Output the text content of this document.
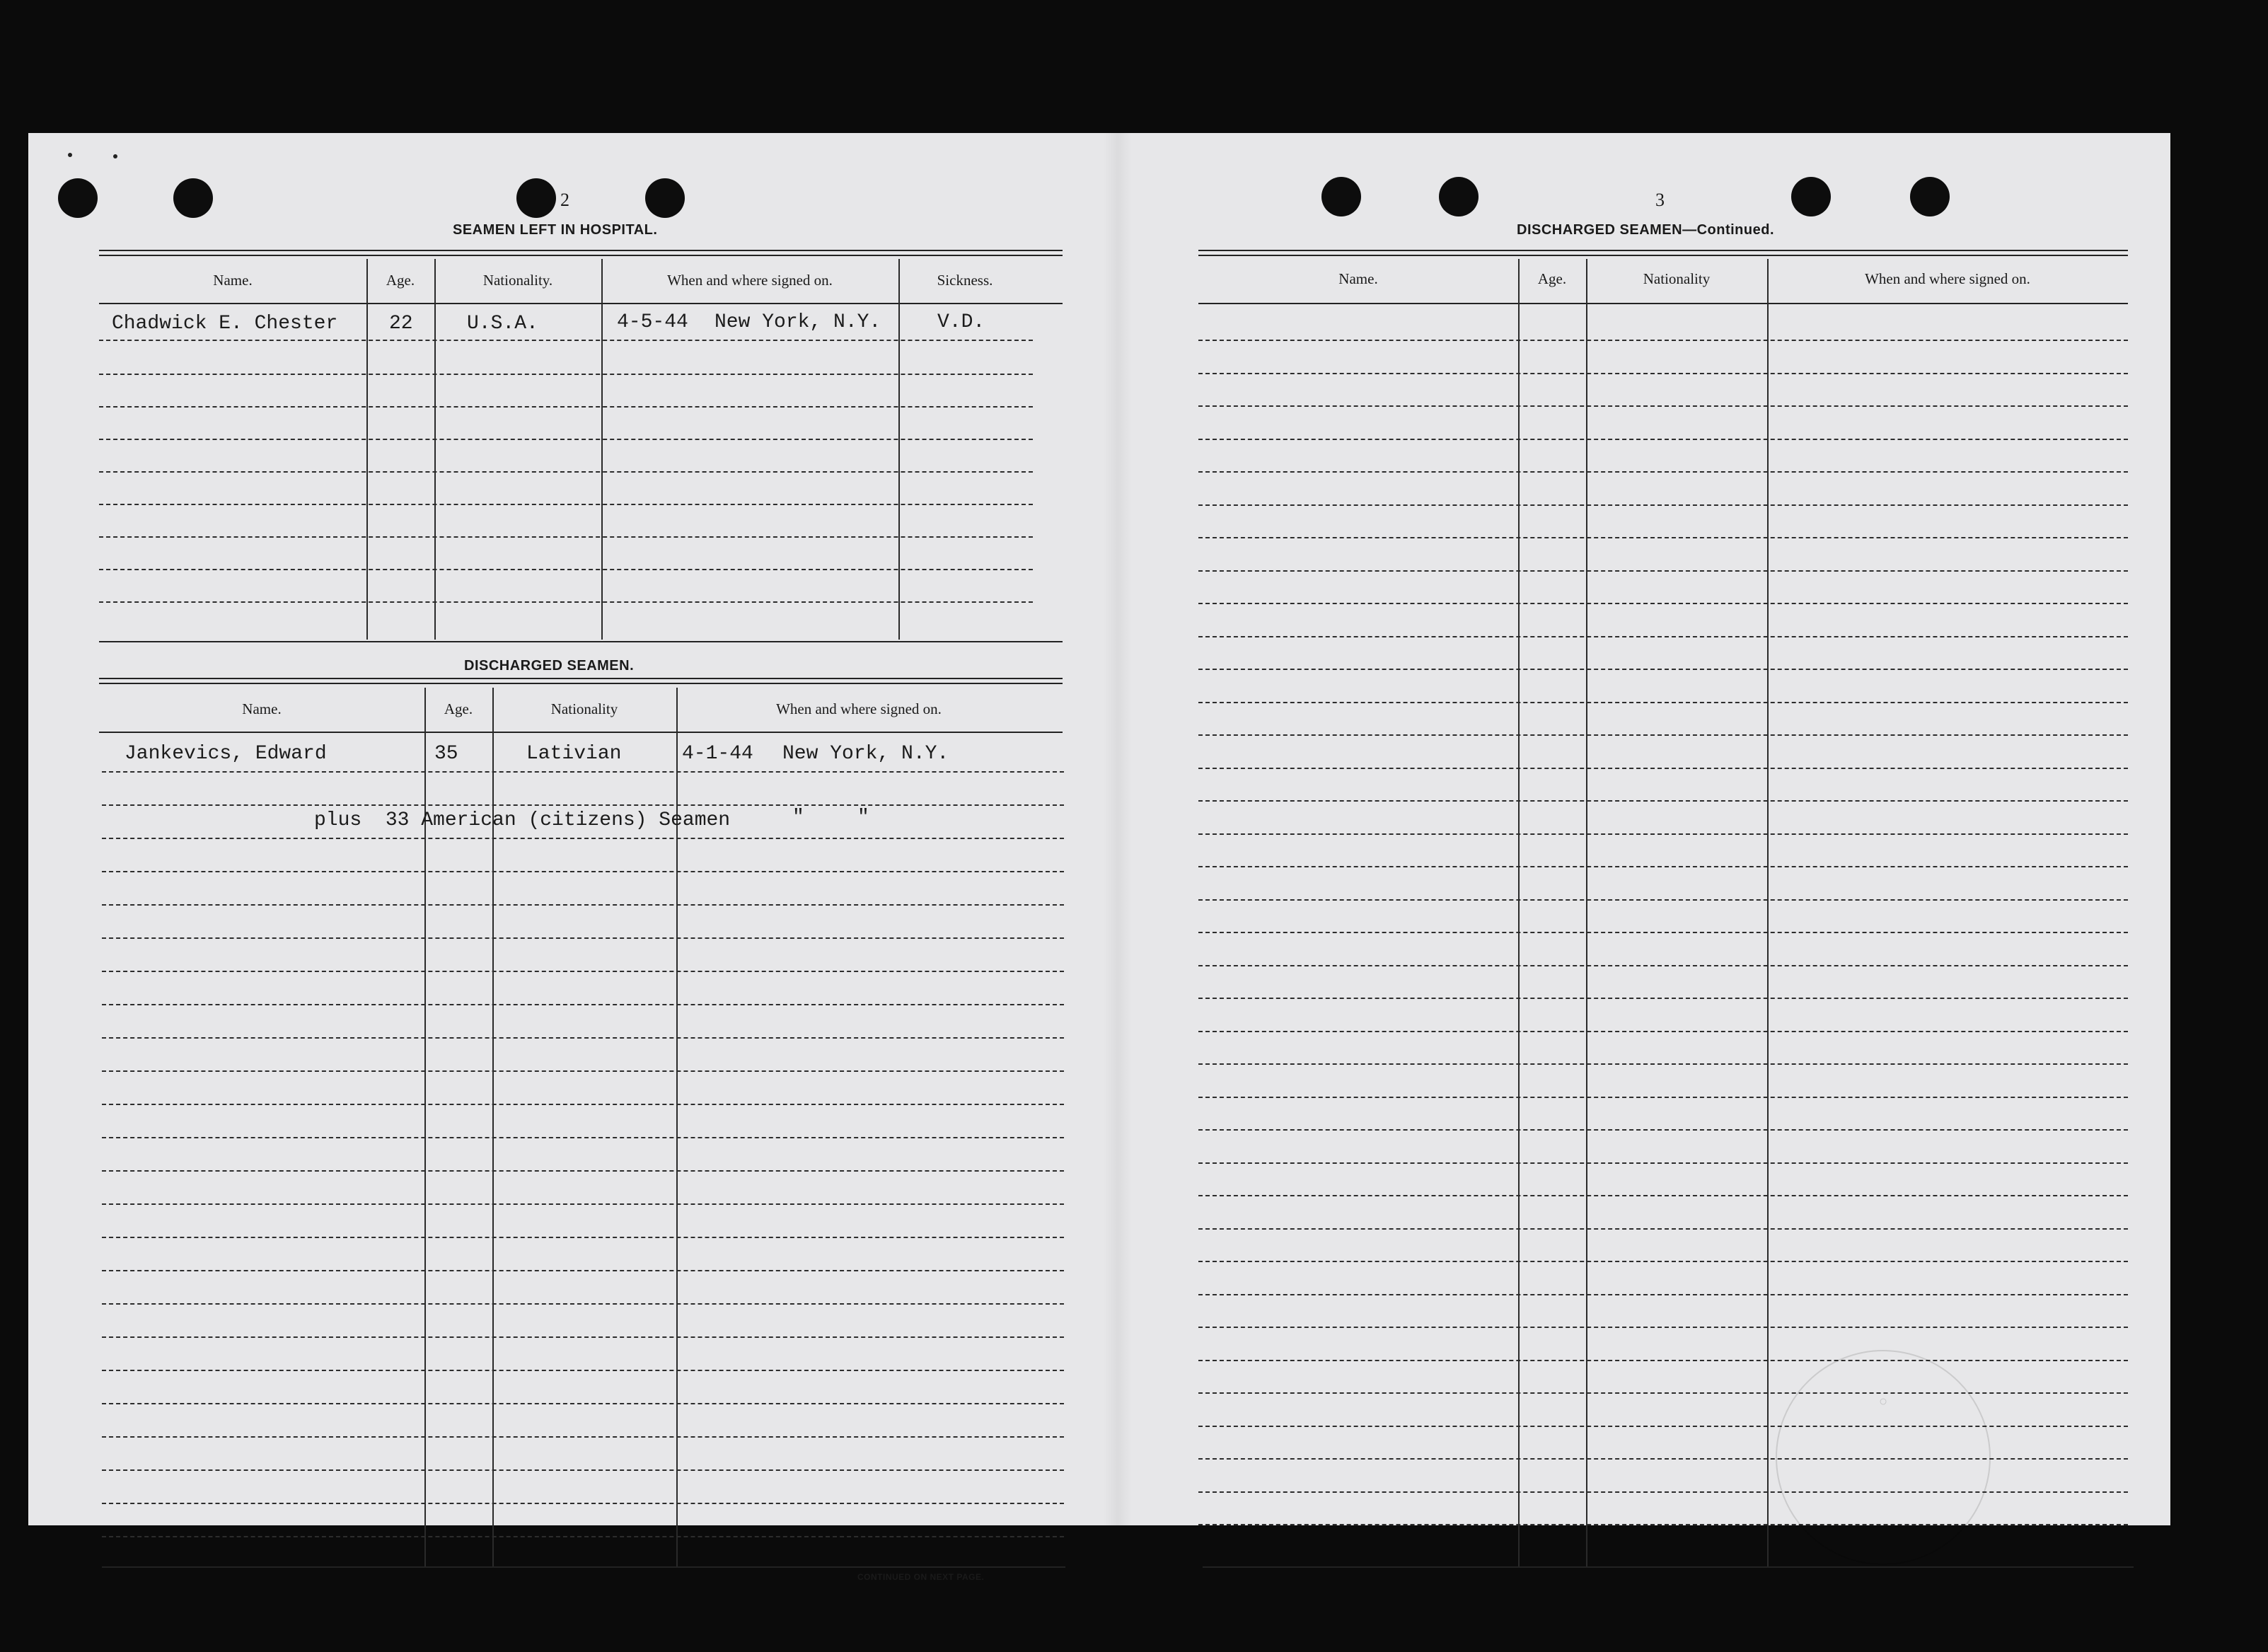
2
SEAMEN LEFT IN HOSPITAL.
Name.	Age.	Nationality.	When and where signed on.	Sickness.
Chadwick E. Chester	22	U.S.A.	4-5-44 New York, N.Y.	V.D.
DISCHARGED SEAMEN.
Name.	Age.	Nationality	When and where signed on.
Jankevics, Edward	35	Lativian	4-1-44 New York, N.Y.
plus  33 American (citizens) Seamen	"	"
CONTINUED ON NEXT PAGE.
3
DISCHARGED SEAMEN—Continued.
Name.	Age.	Nationality	When and where signed on.
○
